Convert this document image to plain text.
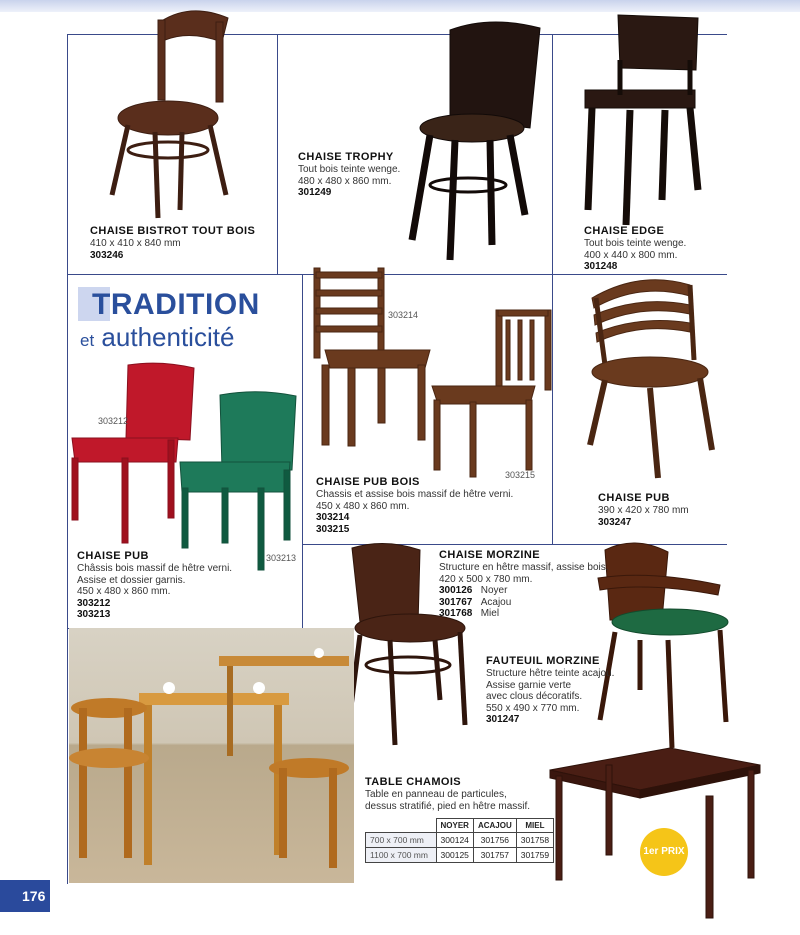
TRADITION
et authenticité
CHAISE BISTROT TOUT BOIS
410 x 410 x 840 mm
303246
CHAISE TROPHY
Tout bois teinte wenge.
480 x 480 x 860 mm.
301249
CHAISE EDGE
Tout bois teinte wenge.
400 x 440 x 800 mm.
301248
303214
303215
303212
303213
CHAISE PUB BOIS
Chassis et assise bois massif de hêtre verni.
450 x 480 x 860 mm.
303214
303215
CHAISE PUB
390 x 420 x 780 mm
303247
CHAISE PUB
Châssis bois massif de hêtre verni.
Assise et dossier garnis.
450 x 480 x 860 mm.
303212
303213
CHAISE MORZINE
Structure en hêtre massif, assise bois.
420 x 500 x 780 mm.
300126 Noyer
301767 Acajou
301768 Miel
FAUTEUIL MORZINE
Structure hêtre teinte acajou.
Assise garnie verte
avec clous décoratifs.
550 x 490 x 770 mm.
301247
TABLE CHAMOIS
Table en panneau de particules,
dessus stratifié, pied en hêtre massif.
	NOYER	ACAJOU	MIEL
700 x 700 mm	300124	301756	301758
1100 x 700 mm	300125	301757	301759	1er PRIX
176
